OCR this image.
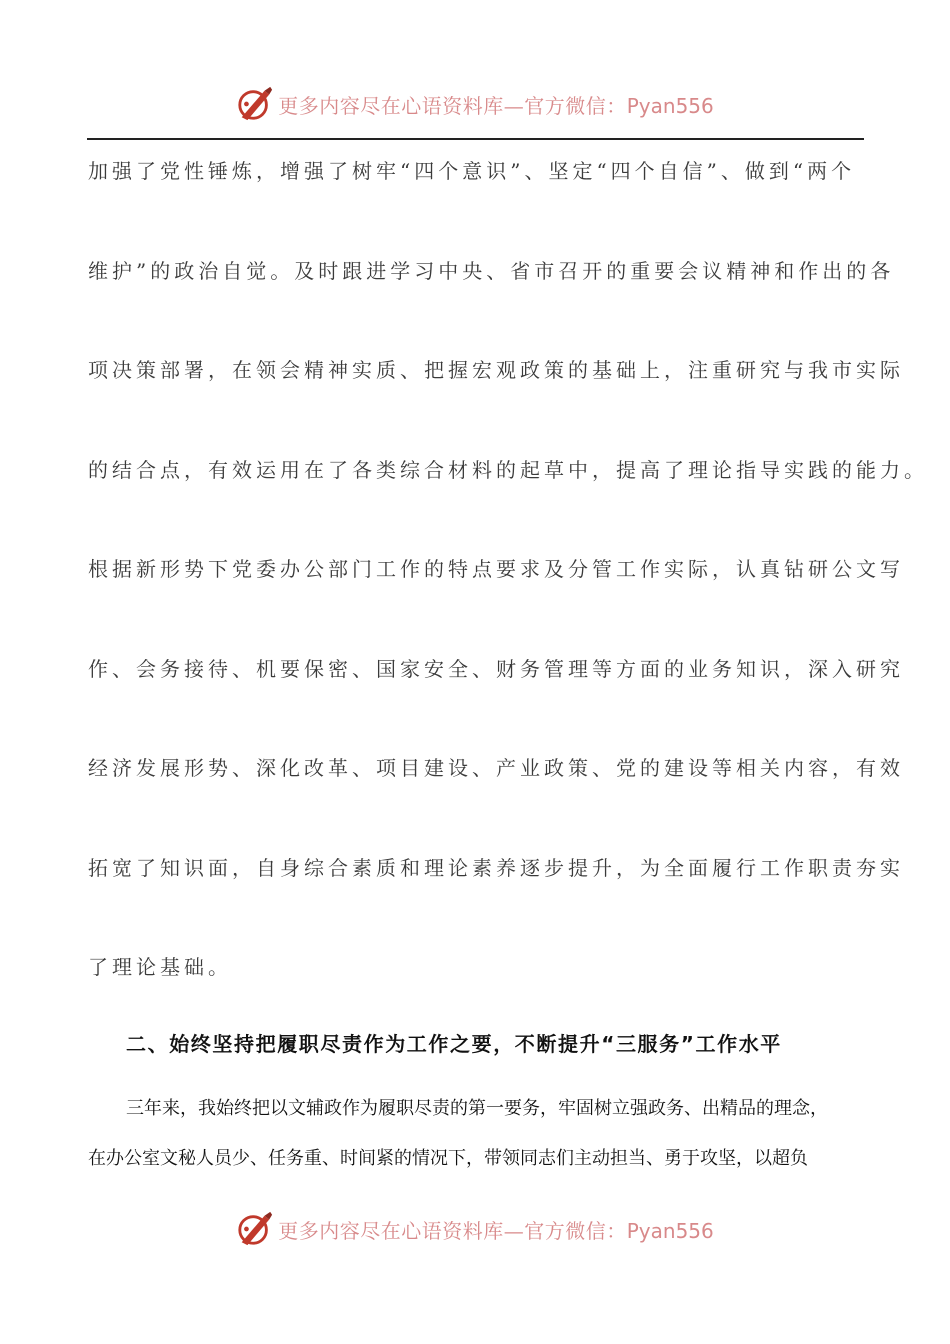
更多内容尽在心语资料库—官方微信：Pyan556
加强了党性锤炼，增强了树牢“四个意识”、坚定“四个自信”、做到“两个
维护”的政治自觉。及时跟进学习中央、省市召开的重要会议精神和作出的各
项决策部署，在领会精神实质、把握宏观政策的基础上，注重研究与我市实际
的结合点，有效运用在了各类综合材料的起草中，提高了理论指导实践的能力。
根据新形势下党委办公部门工作的特点要求及分管工作实际，认真钻研公文写
作、会务接待、机要保密、国家安全、财务管理等方面的业务知识，深入研究
经济发展形势、深化改革、项目建设、产业政策、党的建设等相关内容，有效
拓宽了知识面，自身综合素质和理论素养逐步提升，为全面履行工作职责夯实
了理论基础。
二、始终坚持把履职尽责作为工作之要，不断提升“三服务”工作水平
三年来，我始终把以文辅政作为履职尽责的第一要务，牢固树立强政务、出精品的理念，
在办公室文秘人员少、任务重、时间紧的情况下，带领同志们主动担当、勇于攻坚，以超负
更多内容尽在心语资料库—官方微信：Pyan556
